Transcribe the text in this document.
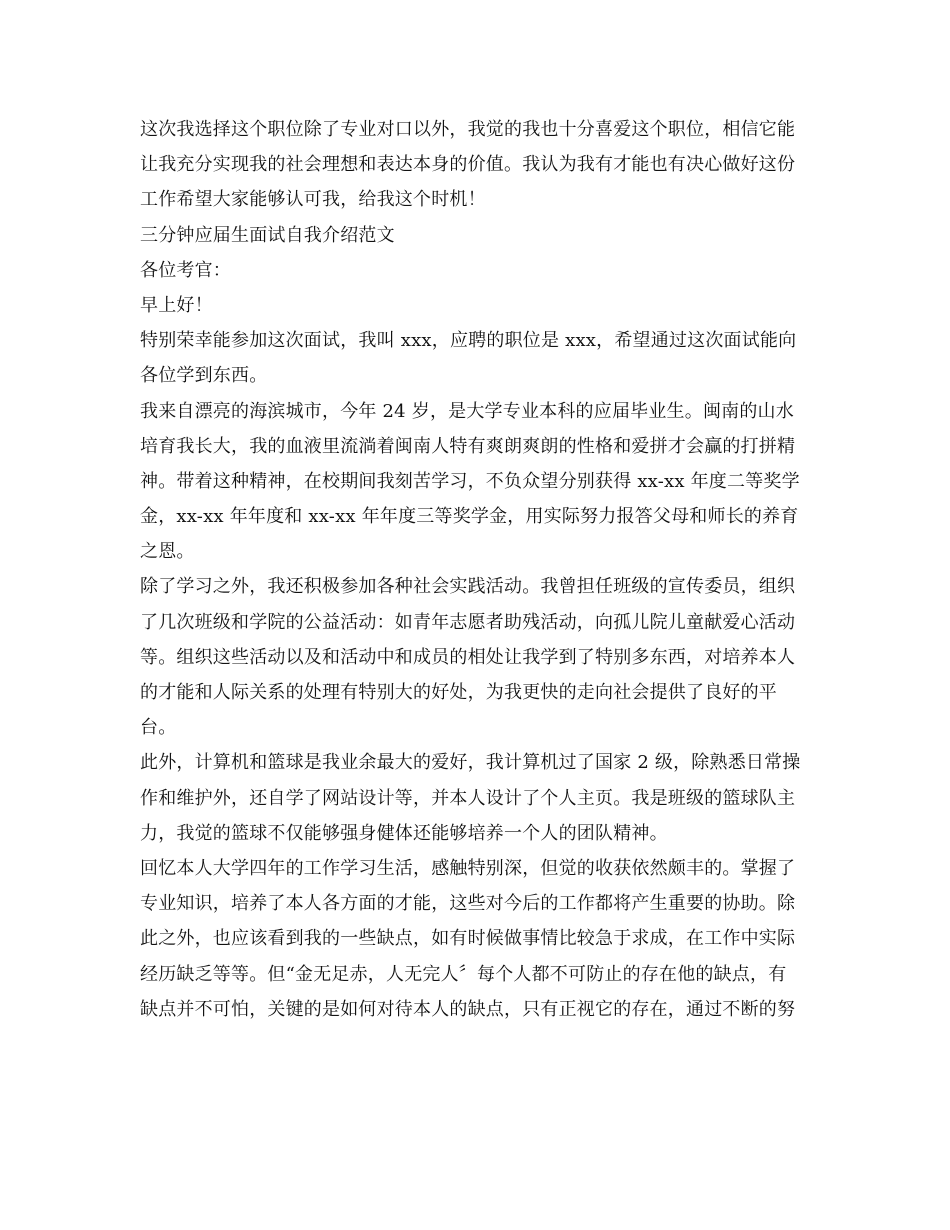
这次我选择这个职位除了专业对口以外，我觉的我也十分喜爱这个职位，相信它能
让我充分实现我的社会理想和表达本身的价值。我认为我有才能也有决心做好这份
工作希望大家能够认可我，给我这个时机！
三分钟应届生面试自我介绍范文
各位考官：
早上好！
特别荣幸能参加这次面试，我叫 xxx，应聘的职位是 xxx，希望通过这次面试能向
各位学到东西。
我来自漂亮的海滨城市，今年 24 岁，是大学专业本科的应届毕业生。闽南的山水
培育我长大，我的血液里流淌着闽南人特有爽朗爽朗的性格和爱拼才会赢的打拼精
神。带着这种精神，在校期间我刻苦学习，不负众望分别获得 xx-xx 年度二等奖学
金，xx-xx 年年度和 xx-xx 年年度三等奖学金，用实际努力报答父母和师长的养育
之恩。
除了学习之外，我还积极参加各种社会实践活动。我曾担任班级的宣传委员，组织
了几次班级和学院的公益活动：如青年志愿者助残活动，向孤儿院儿童献爱心活动
等。组织这些活动以及和活动中和成员的相处让我学到了特别多东西，对培养本人
的才能和人际关系的处理有特别大的好处，为我更快的走向社会提供了良好的平
台。
此外，计算机和篮球是我业余最大的爱好，我计算机过了国家 2 级，除熟悉日常操
作和维护外，还自学了网站设计等，并本人设计了个人主页。我是班级的篮球队主
力，我觉的篮球不仅能够强身健体还能够培养一个人的团队精神。
回忆本人大学四年的工作学习生活，感触特别深，但觉的收获依然颇丰的。掌握了
专业知识，培养了本人各方面的才能，这些对今后的工作都将产生重要的协助。除
此之外，也应该看到我的一些缺点，如有时候做事情比较急于求成，在工作中实际
经历缺乏等等。但“金无足赤，人无完人〞每个人都不可防止的存在他的缺点，有
缺点并不可怕，关键的是如何对待本人的缺点，只有正视它的存在，通过不断的努
